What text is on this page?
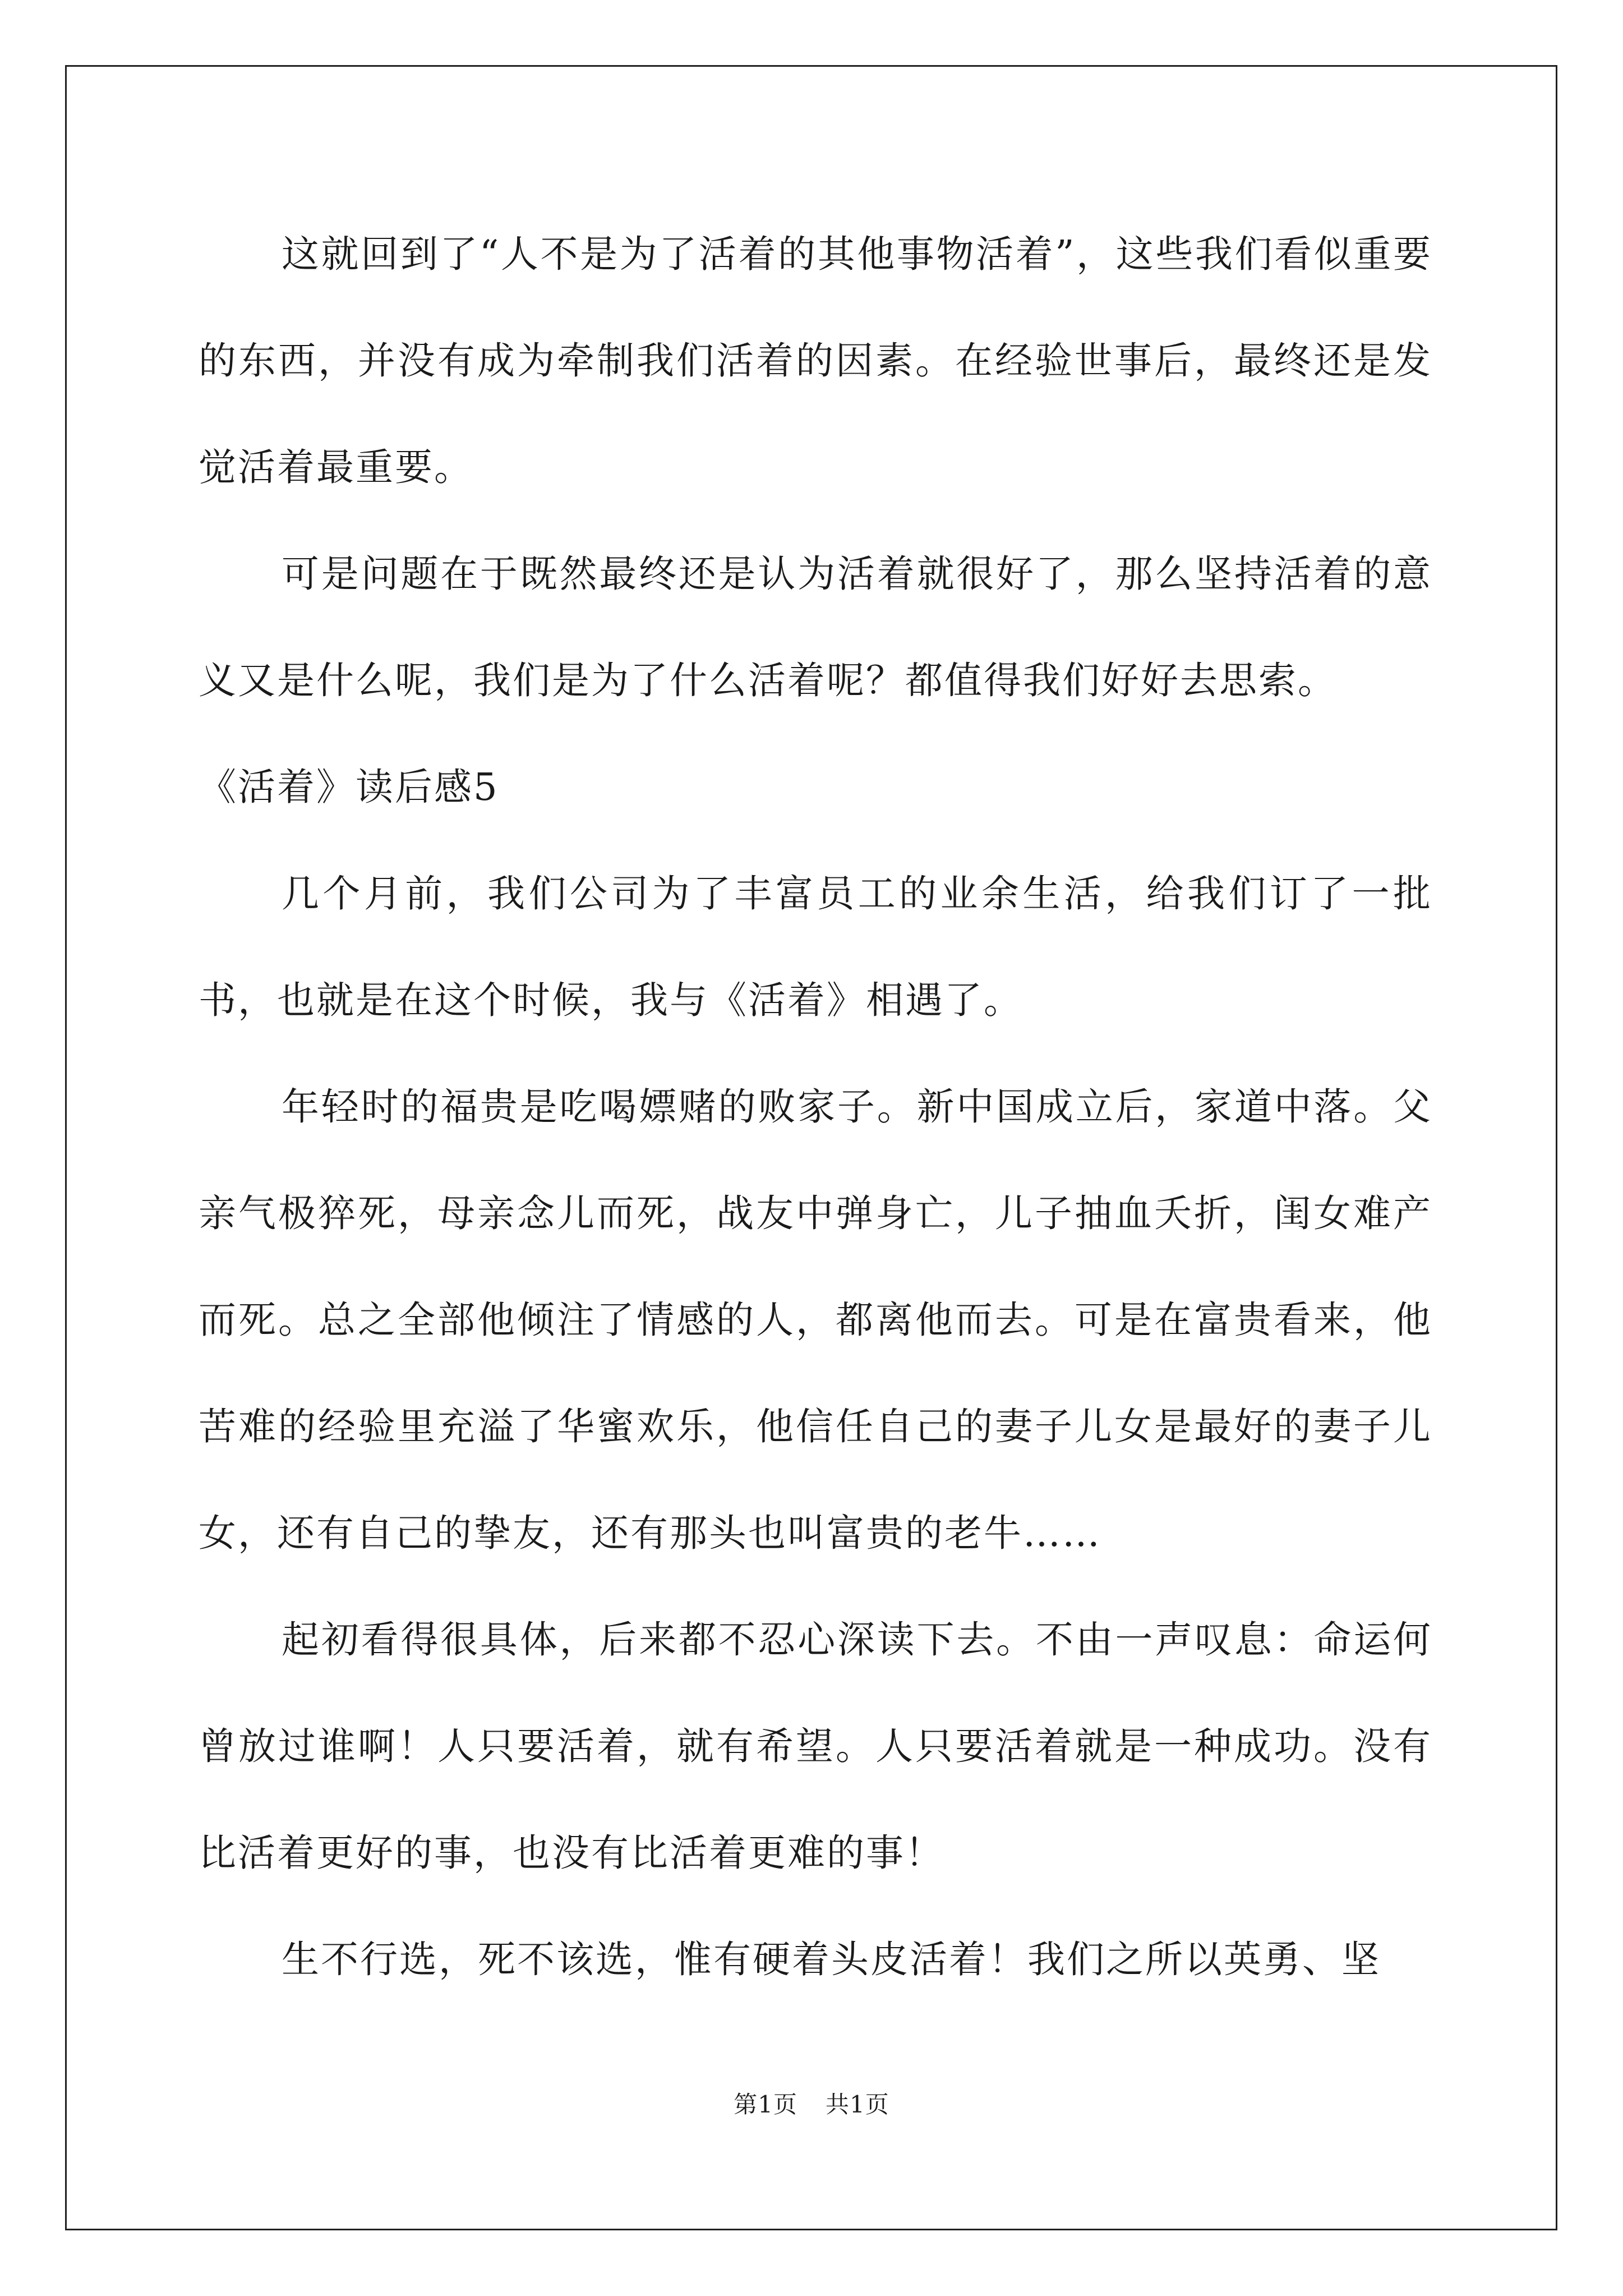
这就回到了“人不是为了活着的其他事物活着”，这些我们看似重要的东西，并没有成为牵制我们活着的因素。在经验世事后，最终还是发觉活着最重要。

可是问题在于既然最终还是认为活着就很好了，那么坚持活着的意义又是什么呢，我们是为了什么活着呢？都值得我们好好去思索。

《活着》读后感5

几个月前，我们公司为了丰富员工的业余生活，给我们订了一批书，也就是在这个时候，我与《活着》相遇了。

年轻时的福贵是吃喝嫖赌的败家子。新中国成立后，家道中落。父亲气极猝死，母亲念儿而死，战友中弹身亡，儿子抽血夭折，闺女难产而死。总之全部他倾注了情感的人，都离他而去。可是在富贵看来，他苦难的经验里充溢了华蜜欢乐，他信任自己的妻子儿女是最好的妻子儿女，还有自己的挚友，还有那头也叫富贵的老牛……

起初看得很具体，后来都不忍心深读下去。不由一声叹息：命运何曾放过谁啊！人只要活着，就有希望。人只要活着就是一种成功。没有比活着更好的事，也没有比活着更难的事！

生不行选，死不该选，惟有硬着头皮活着！我们之所以英勇、坚

第1页 共1页
